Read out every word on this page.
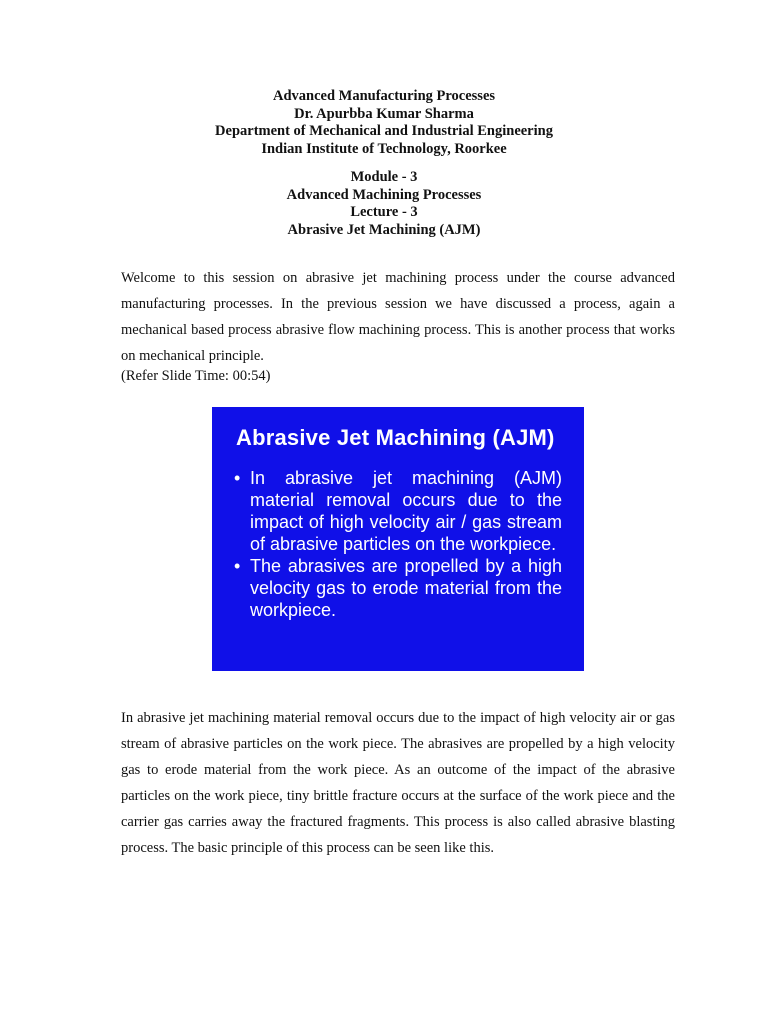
Advanced Manufacturing Processes
Dr. Apurbba Kumar Sharma
Department of Mechanical and Industrial Engineering
Indian Institute of Technology, Roorkee
Module - 3
Advanced Machining Processes
Lecture - 3
Abrasive Jet Machining (AJM)

Welcome to this session on abrasive jet machining process under the course advanced manufacturing processes. In the previous session we have discussed a process, again a mechanical based process abrasive flow machining process. This is another process that works on mechanical principle.

(Refer Slide Time: 00:54)
Abrasive Jet Machining (AJM)
• In abrasive jet machining (AJM) material removal occurs due to the impact of high velocity air / gas stream of abrasive particles on the workpiece.
• The abrasives are propelled by a high velocity gas to erode material from the workpiece.

In abrasive jet machining material removal occurs due to the impact of high velocity air or gas stream of abrasive particles on the work piece. The abrasives are propelled by a high velocity gas to erode material from the work piece. As an outcome of the impact of the abrasive particles on the work piece, tiny brittle fracture occurs at the surface of the work piece and the carrier gas carries away the fractured fragments. This process is also called abrasive blasting process. The basic principle of this process can be seen like this.
